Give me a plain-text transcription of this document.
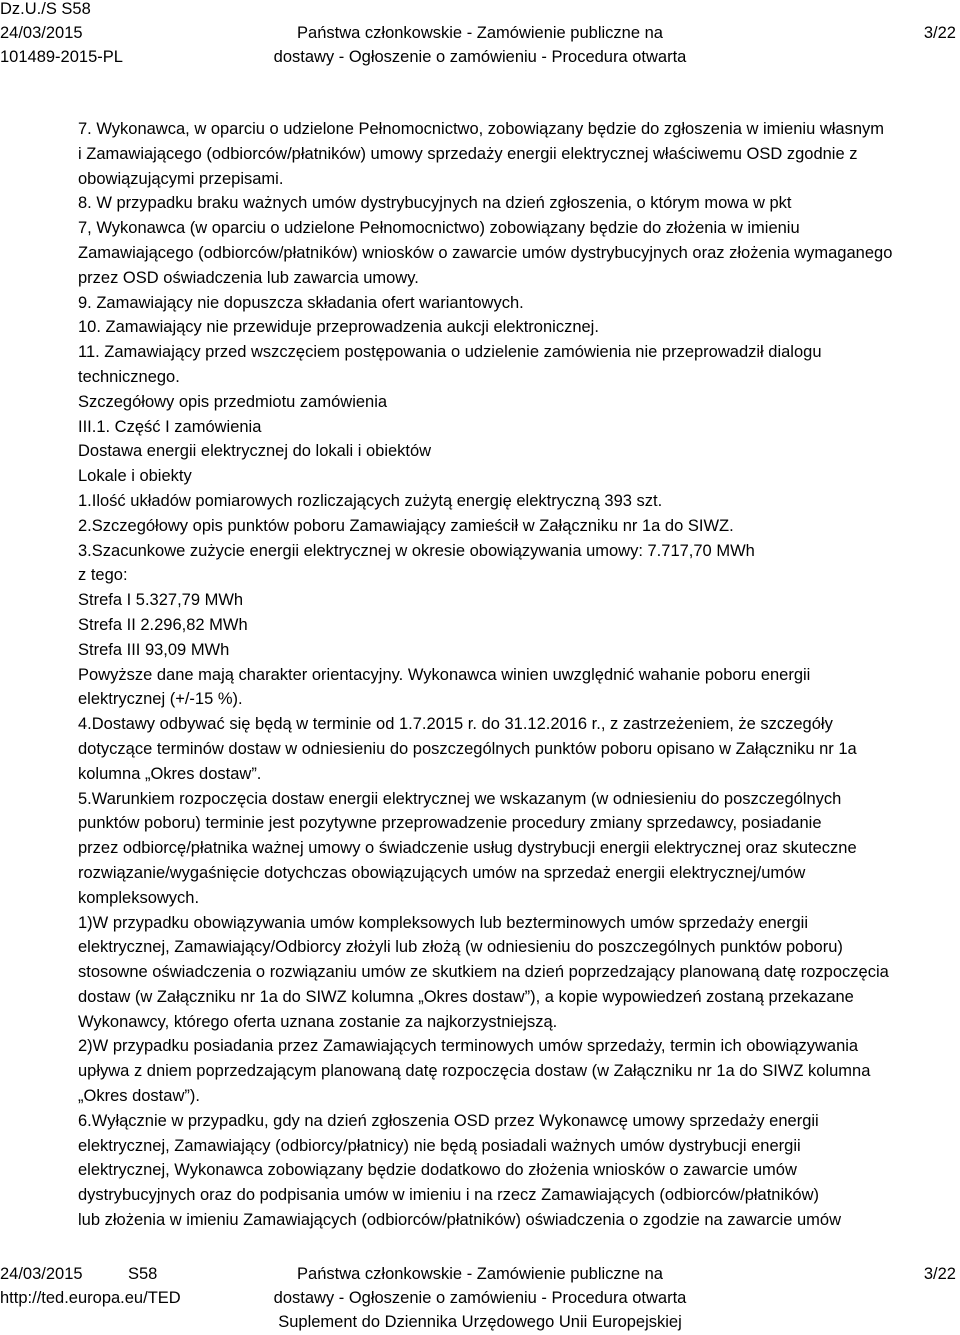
Dz.U./S S58
24/03/2015
101489-2015-PL
Państwa członkowskie - Zamówienie publiczne na
dostawy - Ogłoszenie o zamówieniu - Procedura otwarta
3/22

7. Wykonawca, w oparciu o udzielone Pełnomocnictwo, zobowiązany będzie do zgłoszenia w imieniu własnym

i Zamawiającego (odbiorców/płatników) umowy sprzedaży energii elektrycznej właściwemu OSD zgodnie z

obowiązującymi przepisami.

8. W przypadku braku ważnych umów dystrybucyjnych na dzień zgłoszenia, o którym mowa w pkt

7, Wykonawca (w oparciu o udzielone Pełnomocnictwo) zobowiązany będzie do złożenia w imieniu

Zamawiającego (odbiorców/płatników) wniosków o zawarcie umów dystrybucyjnych oraz złożenia wymaganego

przez OSD oświadczenia lub zawarcia umowy.

9. Zamawiający nie dopuszcza składania ofert wariantowych.

10. Zamawiający nie przewiduje przeprowadzenia aukcji elektronicznej.

11. Zamawiający przed wszczęciem postępowania o udzielenie zamówienia nie przeprowadził dialogu

technicznego.

Szczegółowy opis przedmiotu zamówienia

III.1. Część I zamówienia

Dostawa energii elektrycznej do lokali i obiektów

Lokale i obiekty

1.Ilość układów pomiarowych rozliczających zużytą energię elektryczną 393 szt.

2.Szczegółowy opis punktów poboru Zamawiający zamieścił w Załączniku nr 1a do SIWZ.

3.Szacunkowe zużycie energii elektrycznej w okresie obowiązywania umowy: 7.717,70 MWh

z tego:

Strefa I 5.327,79 MWh

Strefa II 2.296,82 MWh

Strefa III 93,09 MWh

Powyższe dane mają charakter orientacyjny. Wykonawca winien uwzględnić wahanie poboru energii

elektrycznej (+/-15 %).

4.Dostawy odbywać się będą w terminie od 1.7.2015 r. do 31.12.2016 r., z zastrzeżeniem, że szczegóły

dotyczące terminów dostaw w odniesieniu do poszczególnych punktów poboru opisano w Załączniku nr 1a

kolumna „Okres dostaw”.

5.Warunkiem rozpoczęcia dostaw energii elektrycznej we wskazanym (w odniesieniu do poszczególnych

punktów poboru) terminie jest pozytywne przeprowadzenie procedury zmiany sprzedawcy, posiadanie

przez odbiorcę/płatnika ważnej umowy o świadczenie usług dystrybucji energii elektrycznej oraz skuteczne

rozwiązanie/wygaśnięcie dotychczas obowiązujących umów na sprzedaż energii elektrycznej/umów

kompleksowych.

1)W przypadku obowiązywania umów kompleksowych lub bezterminowych umów sprzedaży energii

elektrycznej, Zamawiający/Odbiorcy złożyli lub złożą (w odniesieniu do poszczególnych punktów poboru)

stosowne oświadczenia o rozwiązaniu umów ze skutkiem na dzień poprzedzający planowaną datę rozpoczęcia

dostaw (w Załączniku nr 1a do SIWZ kolumna „Okres dostaw”), a kopie wypowiedzeń zostaną przekazane

Wykonawcy, którego oferta uznana zostanie za najkorzystniejszą.

2)W przypadku posiadania przez Zamawiających terminowych umów sprzedaży, termin ich obowiązywania

upływa z dniem poprzedzającym planowaną datę rozpoczęcia dostaw (w Załączniku nr 1a do SIWZ kolumna

„Okres dostaw”).

6.Wyłącznie w przypadku, gdy na dzień zgłoszenia OSD przez Wykonawcę umowy sprzedaży energii

elektrycznej, Zamawiający (odbiorcy/płatnicy) nie będą posiadali ważnych umów dystrybucji energii

elektrycznej, Wykonawca zobowiązany będzie dodatkowo do złożenia wniosków o zawarcie umów

dystrybucyjnych oraz do podpisania umów w imieniu i na rzecz Zamawiających (odbiorców/płatników)

lub złożenia w imieniu Zamawiających (odbiorców/płatników) oświadczenia o zgodzie na zawarcie umów

24/03/2015	S58
http://ted.europa.eu/TED
Państwa członkowskie - Zamówienie publiczne na
dostawy - Ogłoszenie o zamówieniu - Procedura otwarta
Suplement do Dziennika Urzędowego Unii Europejskiej
3/22
